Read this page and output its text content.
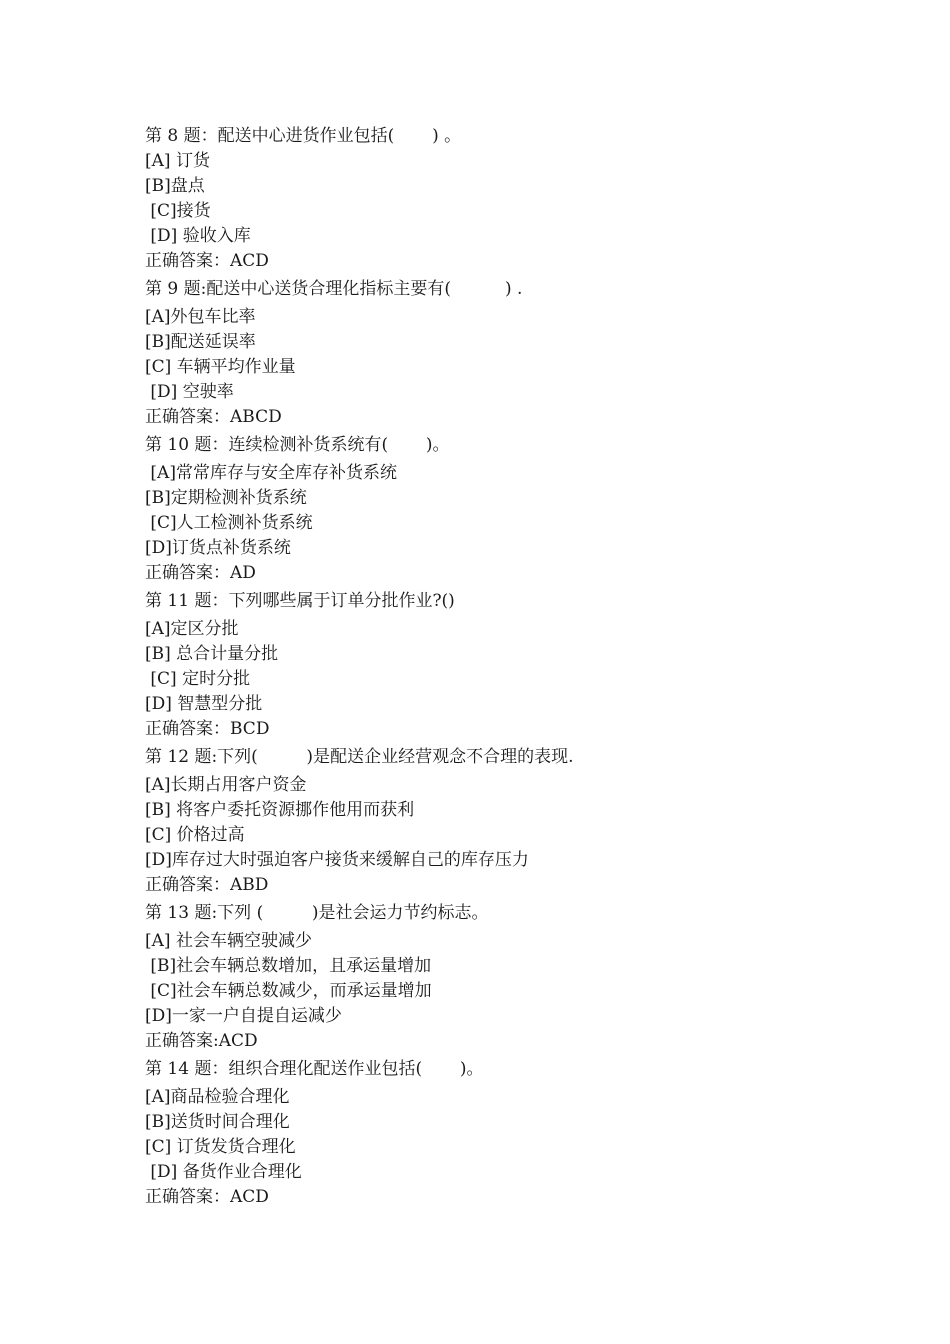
第 8 题：配送中心进货作业包括(       ) 。
[A] 订货
[B]盘点
[C]接货
[D] 验收入库
正确答案：ACD
第 9 题:配送中心送货合理化指标主要有(          ) .
[A]外包车比率
[B]配送延误率
[C] 车辆平均作业量
[D] 空驶率
正确答案：ABCD
第 10 题：连续检测补货系统有(       )。
[A]常常库存与安全库存补货系统
[B]定期检测补货系统
[C]人工检测补货系统
[D]订货点补货系统
正确答案：AD
第 11 题：下列哪些属于订单分批作业?()
[A]定区分批
[B] 总合计量分批
[C] 定时分批
[D] 智慧型分批
正确答案：BCD
第 12 题:下列(         )是配送企业经营观念不合理的表现.
[A]长期占用客户资金
[B] 将客户委托资源挪作他用而获利
[C] 价格过高
[D]库存过大时强迫客户接货来缓解自己的库存压力
正确答案：ABD
第 13 题:下列 (         )是社会运力节约标志。
[A] 社会车辆空驶减少
[B]社会车辆总数增加，且承运量增加
[C]社会车辆总数减少，而承运量增加
[D]一家一户自提自运减少
正确答案:ACD
第 14 题：组织合理化配送作业包括(       )。
[A]商品检验合理化
[B]送货时间合理化
[C] 订货发货合理化
[D] 备货作业合理化
正确答案：ACD
